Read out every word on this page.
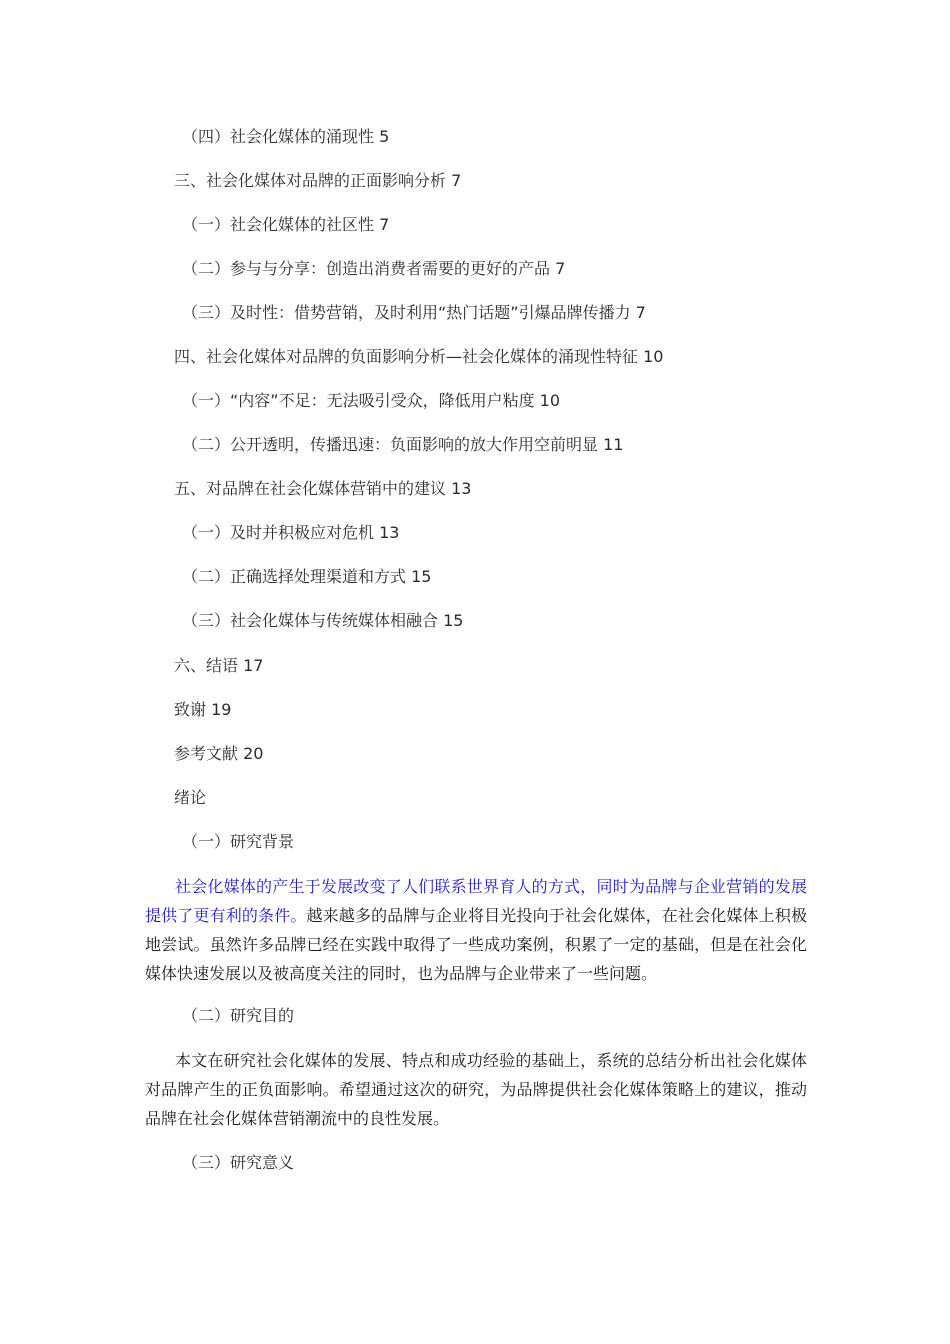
（四）社会化媒体的涌现性 5
三、社会化媒体对品牌的正面影响分析 7
（一）社会化媒体的社区性 7
（二）参与与分享：创造出消费者需要的更好的产品 7
（三）及时性：借势营销，及时利用“热门话题”引爆品牌传播力 7
四、社会化媒体对品牌的负面影响分析—社会化媒体的涌现性特征 10
（一）“内容”不足：无法吸引受众，降低用户粘度 10
（二）公开透明，传播迅速：负面影响的放大作用空前明显 11
五、对品牌在社会化媒体营销中的建议 13
（一）及时并积极应对危机 13
（二）正确选择处理渠道和方式 15
（三）社会化媒体与传统媒体相融合 15
六、结语 17
致谢 19
参考文献 20
绪论
（一）研究背景
社会化媒体的产生于发展改变了人们联系世界育人的方式，同时为品牌与企业营销的发展提供了更有利的条件。越来越多的品牌与企业将目光投向于社会化媒体，在社会化媒体上积极地尝试。虽然许多品牌已经在实践中取得了一些成功案例，积累了一定的基础，但是在社会化媒体快速发展以及被高度关注的同时，也为品牌与企业带来了一些问题。
（二）研究目的
本文在研究社会化媒体的发展、特点和成功经验的基础上，系统的总结分析出社会化媒体对品牌产生的正负面影响。希望通过这次的研究，为品牌提供社会化媒体策略上的建议，推动品牌在社会化媒体营销潮流中的良性发展。
（三）研究意义
